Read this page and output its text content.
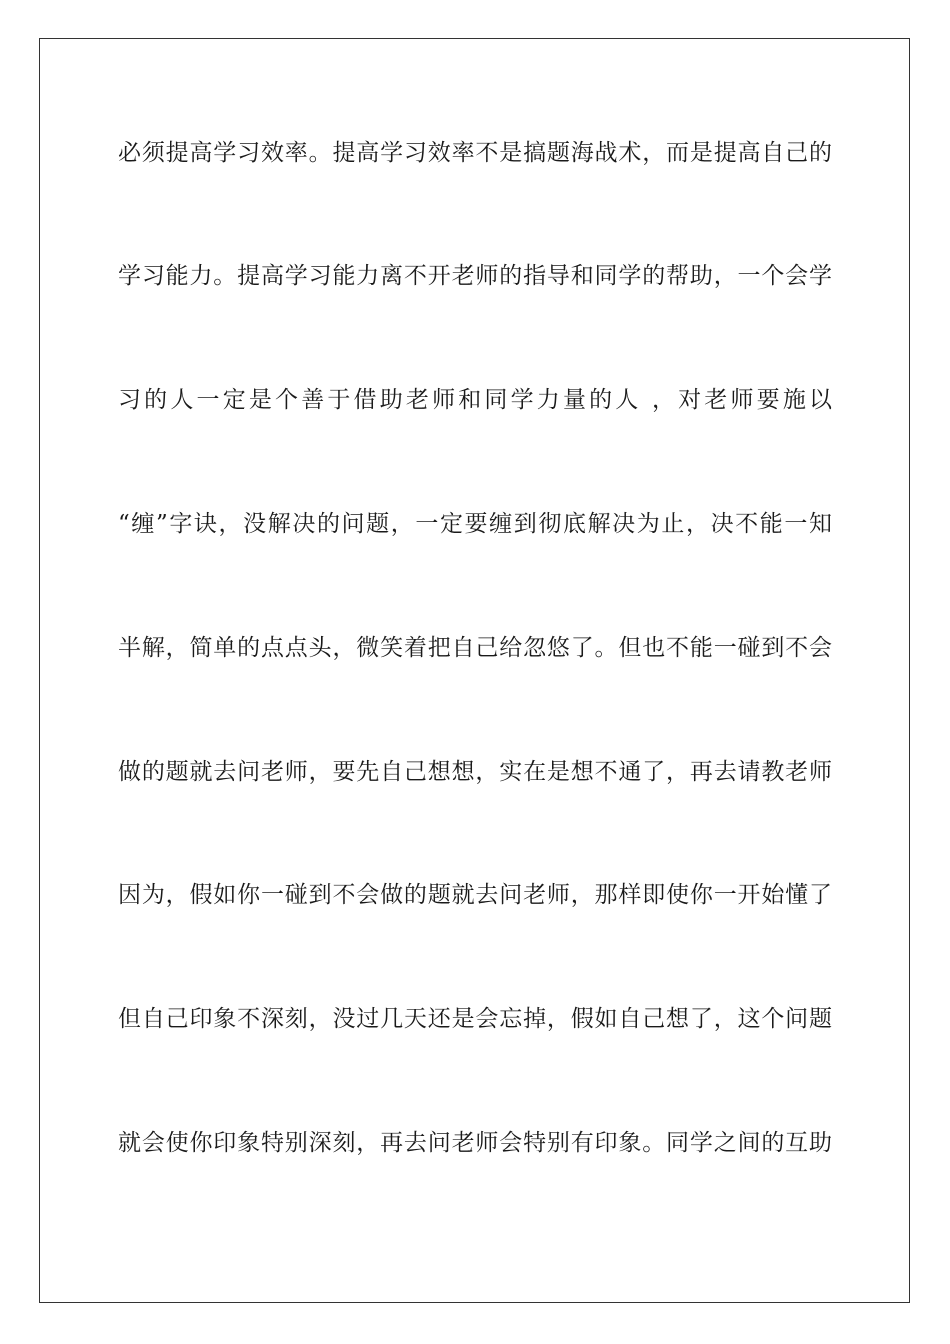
必须提高学习效率。提高学习效率不是搞题海战术，而是提高自己的
学习能力。提高学习能力离不开老师的指导和同学的帮助，一个会学
习的人一定是个善于借助老师和同学力量的人 ，对老师要施以
“缠”字诀，没解决的问题，一定要缠到彻底解决为止，决不能一知
半解，简单的点点头，微笑着把自己给忽悠了。但也不能一碰到不会
做的题就去问老师，要先自己想想，实在是想不通了，再去请教老师
因为，假如你一碰到不会做的题就去问老师，那样即使你一开始懂了
但自己印象不深刻，没过几天还是会忘掉，假如自己想了，这个问题
就会使你印象特别深刻，再去问老师会特别有印象。同学之间的互助
